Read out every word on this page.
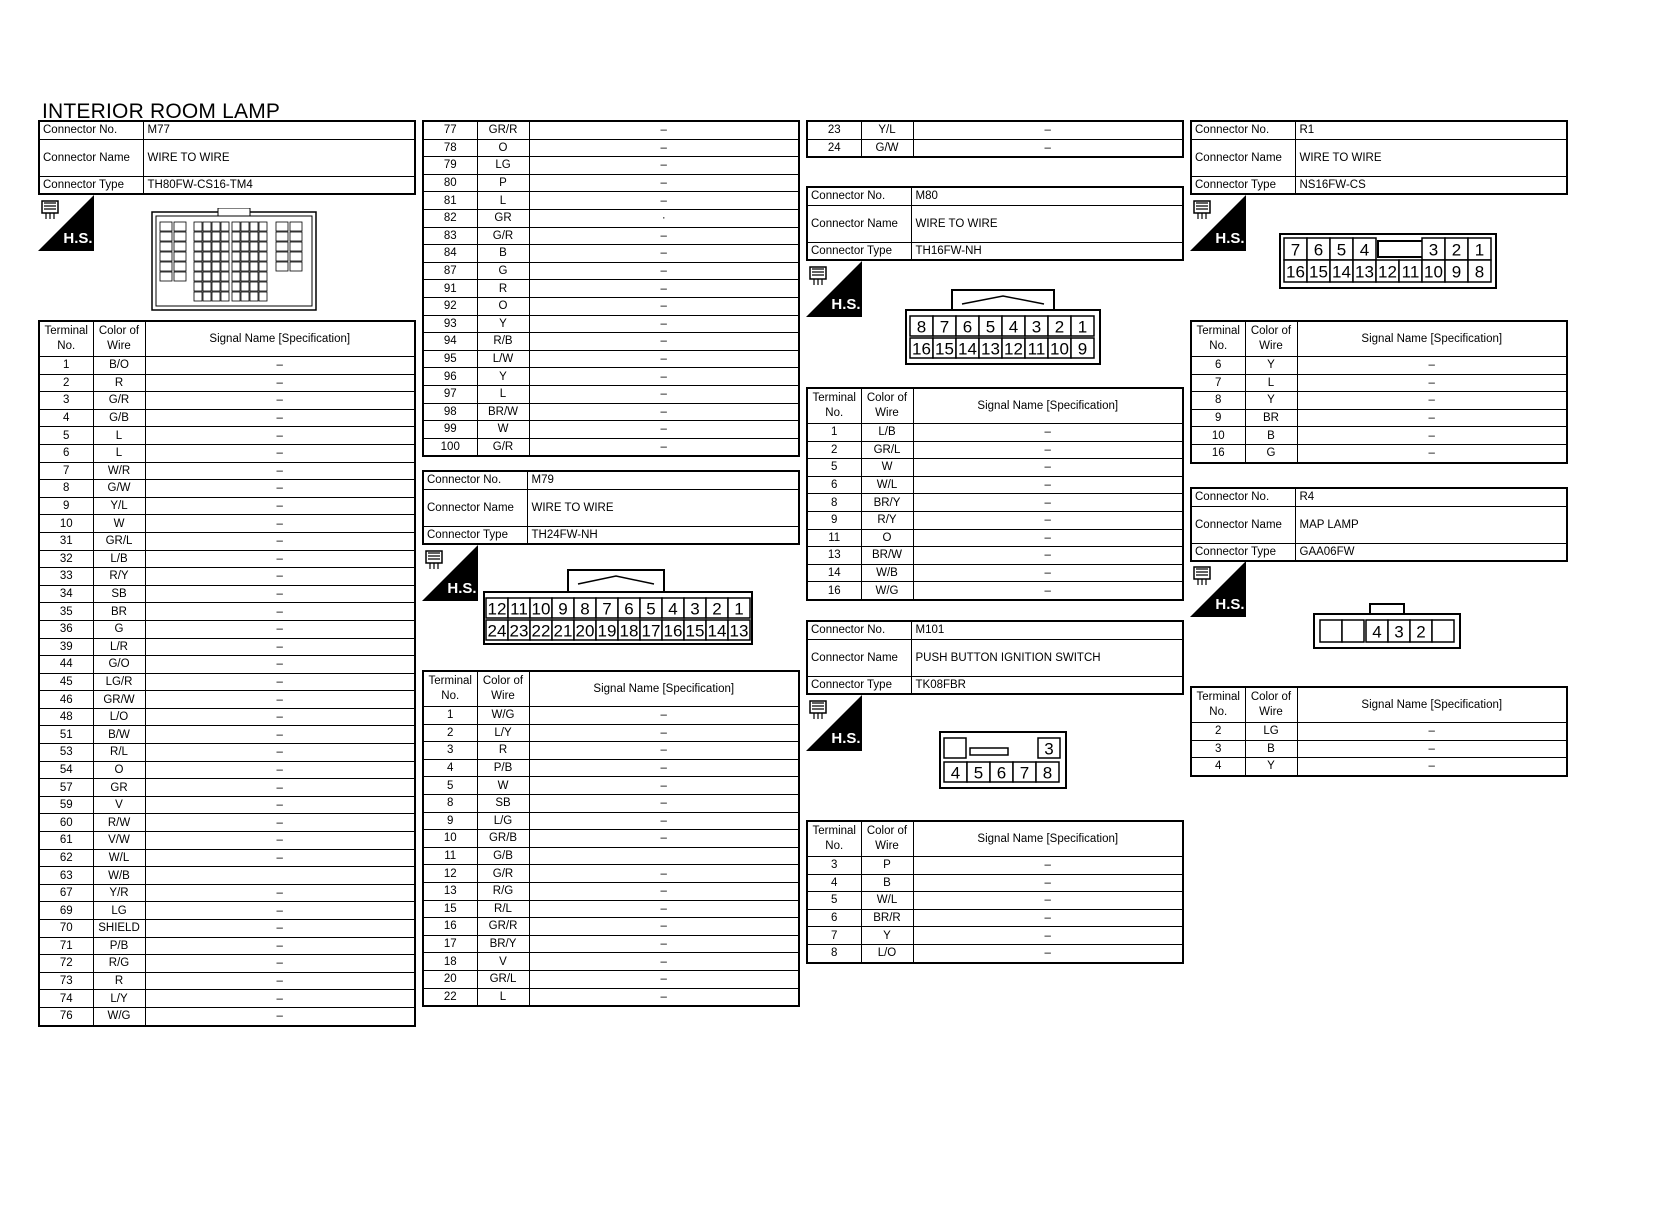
INTERIOR ROOM LAMP
Connector No.	M77
Connector Name	WIRE TO WIRE
Connector Type	TH80FW-CS16-TM4
H.S.
Terminal No.	Color of Wire	Signal Name [Specification]
1	B/O	–
2	R	–
3	G/R	–
4	G/B	–
5	L	–
6	L	–
7	W/R	–
8	G/W	–
9	Y/L	–
10	W	–
31	GR/L	–
32	L/B	–
33	R/Y	–
34	SB	–
35	BR	–
36	G	–
39	L/R	–
44	G/O	–
45	LG/R	–
46	GR/W	–
48	L/O	–
51	B/W	–
53	R/L	–
54	O	–
57	GR	–
59	V	–
60	R/W	–
61	V/W	–
62	W/L	–
63	W/B	
67	Y/R	–
69	LG	–
70	SHIELD	–
71	P/B	–
72	R/G	–
73	R	–
74	L/Y	–
76	W/G	–
77	GR/R	–
78	O	–
79	LG	–
80	P	–
81	L	–
82	GR	·
83	G/R	–
84	B	–
87	G	–
91	R	–
92	O	–
93	Y	–
94	R/B	–
95	L/W	–
96	Y	–
97	L	–
98	BR/W	–
99	W	–
100	G/R	–
Connector No.	M79
Connector Name	WIRE TO WIRE
Connector Type	TH24FW-NH
H.S.
12 11 10 9 8 7 6 5 4 3 2 1
24 23 22 21 20 19 18 17 16 15 14 13
Terminal No.	Color of Wire	Signal Name [Specification]
1	W/G	–
2	L/Y	–
3	R	–
4	P/B	–
5	W	–
8	SB	–
9	L/G	–
10	GR/B	–
11	G/B	
12	G/R	–
13	R/G	–
15	R/L	–
16	GR/R	–
17	BR/Y	–
18	V	–
20	GR/L	–
22	L	–
23	Y/L	–
24	G/W	–
Connector No.	M80
Connector Name	WIRE TO WIRE
Connector Type	TH16FW-NH
H.S.
8 7 6 5 4 3 2 1
16 15 14 13 12 11 10 9
Terminal No.	Color of Wire	Signal Name [Specification]
1	L/B	–
2	GR/L	–
5	W	–
6	W/L	–
8	BR/Y	–
9	R/Y	–
11	O	–
13	BR/W	–
14	W/B	–
16	W/G	–
Connector No.	M101
Connector Name	PUSH BUTTON IGNITION SWITCH
Connector Type	TK08FBR
H.S.
3
4 5 6 7 8
Terminal No.	Color of Wire	Signal Name [Specification]
3	P	–
4	B	–
5	W/L	–
6	BR/R	–
7	Y	–
8	L/O	–
Connector No.	R1
Connector Name	WIRE TO WIRE
Connector Type	NS16FW-CS
H.S.
7 6 5 4	3 2 1
16 15 14 13 12 11 10 9 8
Terminal No.	Color of Wire	Signal Name [Specification]
6	Y	–
7	L	–
8	Y	–
9	BR	–
10	B	–
16	G	–
Connector No.	R4
Connector Name	MAP LAMP
Connector Type	GAA06FW
H.S.
4 3 2
Terminal No.	Color of Wire	Signal Name [Specification]
2	LG	–
3	B	–
4	Y	–
